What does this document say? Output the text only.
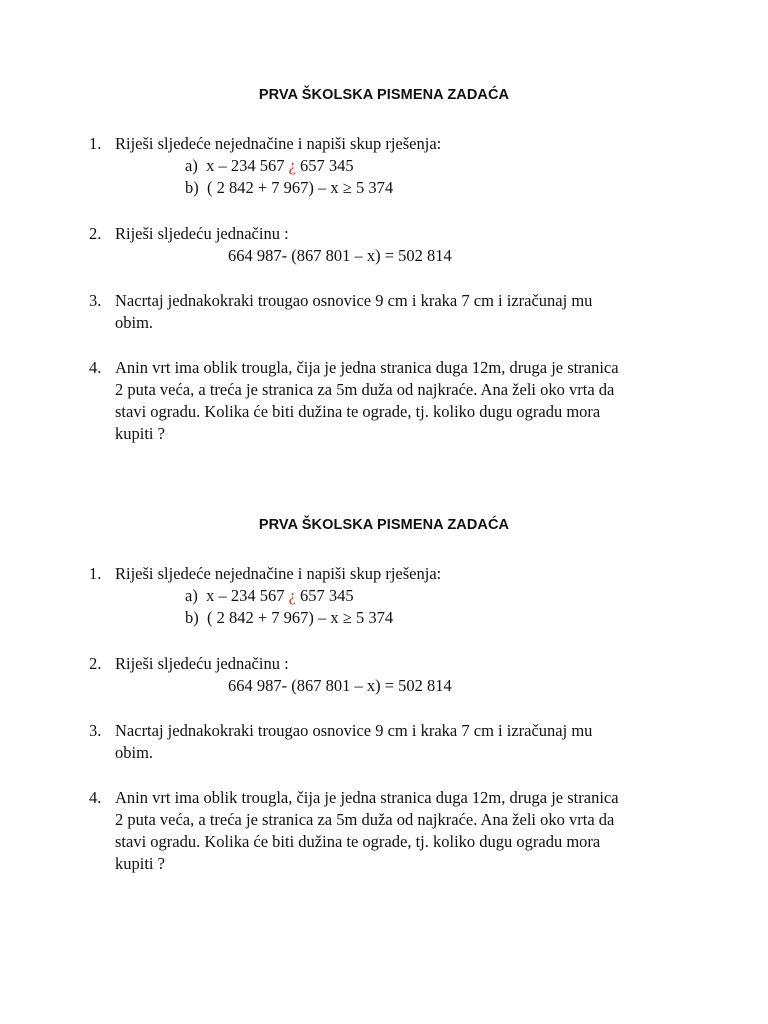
PRVA ŠKOLSKA PISMENA ZADAĆA
1. Riješi sljedeće nejednačine i napiši skup rješenja:
a) x – 234 567 ¿ 657 345
b) ( 2 842 + 7 967) – x ≥ 5 374
2. Riješi sljedeću jednačinu :
664 987- (867 801 – x) = 502 814
3. Nacrtaj jednakokraki trougao osnovice 9 cm i kraka 7 cm i izračunaj mu
obim.
4. Anin vrt ima oblik trougla, čija je jedna stranica duga 12m, druga je stranica
2 puta veća, a treća je stranica za 5m duža od najkraće. Ana želi oko vrta da
stavi ogradu. Kolika će biti dužina te ograde, tj. koliko dugu ogradu mora
kupiti ?
PRVA ŠKOLSKA PISMENA ZADAĆA
1. Riješi sljedeće nejednačine i napiši skup rješenja:
a) x – 234 567 ¿ 657 345
b) ( 2 842 + 7 967) – x ≥ 5 374
2. Riješi sljedeću jednačinu :
664 987- (867 801 – x) = 502 814
3. Nacrtaj jednakokraki trougao osnovice 9 cm i kraka 7 cm i izračunaj mu
obim.
4. Anin vrt ima oblik trougla, čija je jedna stranica duga 12m, druga je stranica
2 puta veća, a treća je stranica za 5m duža od najkraće. Ana želi oko vrta da
stavi ogradu. Kolika će biti dužina te ograde, tj. koliko dugu ogradu mora
kupiti ?
